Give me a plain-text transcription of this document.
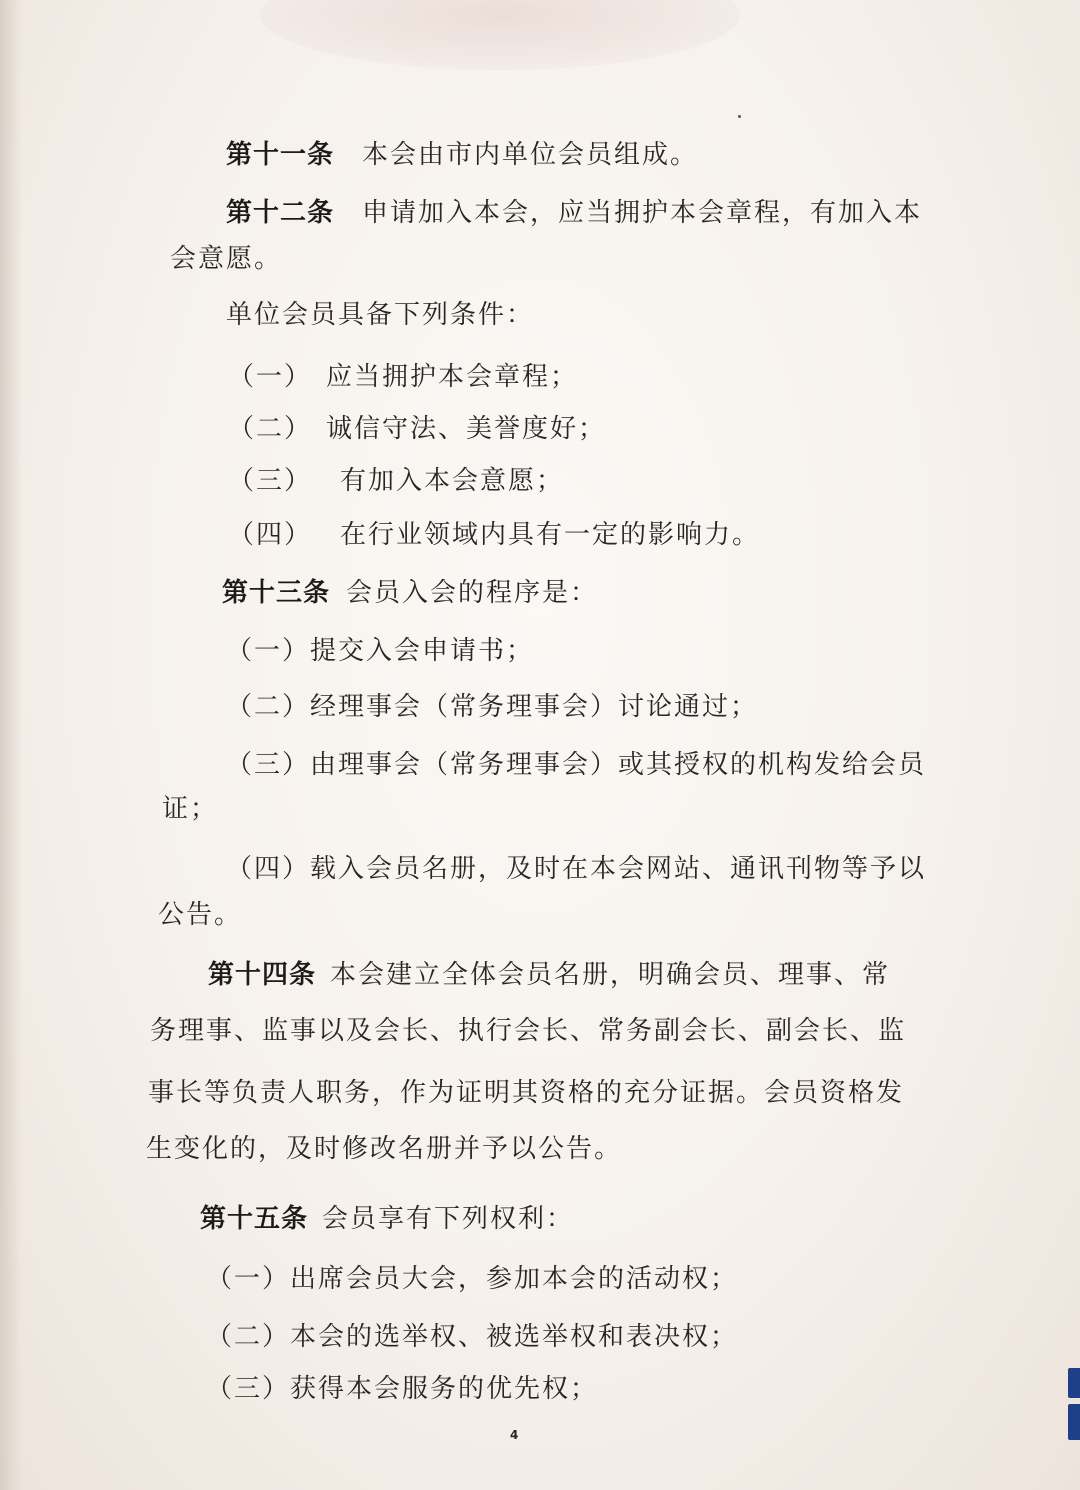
第十一条 本会由市内单位会员组成。
第十二条 申请加入本会，应当拥护本会章程，有加入本
会意愿。
单位会员具备下列条件：
（一） 应当拥护本会章程；
（二） 诚信守法、美誉度好；
（三） 有加入本会意愿；
（四） 在行业领域内具有一定的影响力。
第十三条 会员入会的程序是：
（一）提交入会申请书；
（二）经理事会（常务理事会）讨论通过；
（三）由理事会（常务理事会）或其授权的机构发给会员
证；
（四）载入会员名册，及时在本会网站、通讯刊物等予以
公告。
第十四条 本会建立全体会员名册，明确会员、理事、常
务理事、监事以及会长、执行会长、常务副会长、副会长、监
事长等负责人职务，作为证明其资格的充分证据。会员资格发
生变化的，及时修改名册并予以公告。
第十五条 会员享有下列权利：
（一）出席会员大会，参加本会的活动权；
（二）本会的选举权、被选举权和表决权；
（三）获得本会服务的优先权；
4
